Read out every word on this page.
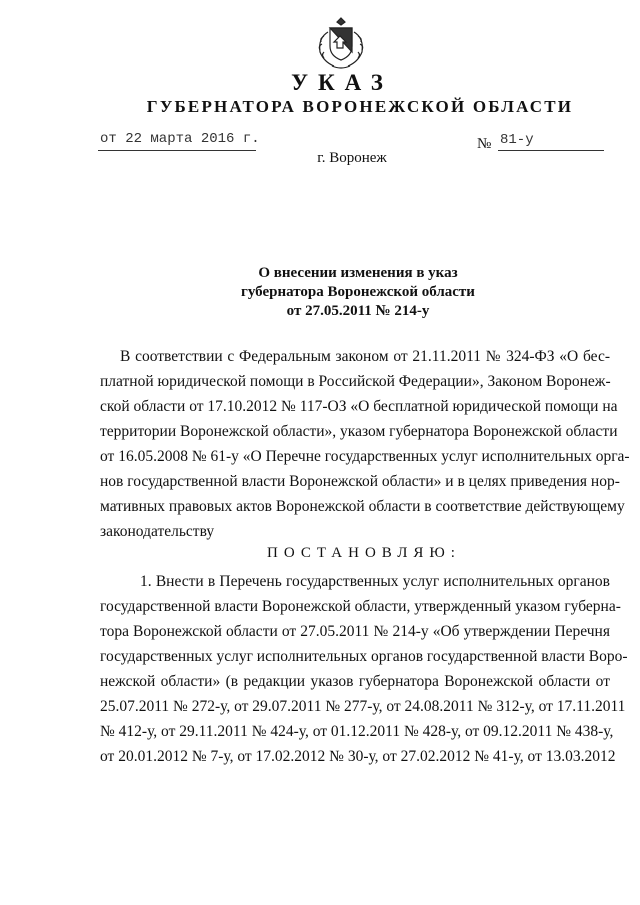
УКАЗ
ГУБЕРНАТОРА ВОРОНЕЖСКОЙ ОБЛАСТИ
от 22 марта 2016 г.	№ 81-у
г. Воронеж
О внесении изменения в указ
губернатора Воронежской области
от 27.05.2011 № 214-у
В соответствии с Федеральным законом от 21.11.2011 № 324-ФЗ «О бес-
платной юридической помощи в Российской Федерации», Законом Воронеж-
ской области от 17.10.2012 № 117-ОЗ «О бесплатной юридической помощи на
территории Воронежской области», указом губернатора Воронежской области
от 16.05.2008 № 61-у «О Перечне государственных услуг исполнительных орга-
нов государственной власти Воронежской области» и в целях приведения нор-
мативных правовых актов Воронежской области в соответствие действующему
законодательству
ПОСТАНОВЛЯЮ:
1. Внести в Перечень государственных услуг исполнительных органов
государственной власти Воронежской области, утвержденный указом губерна-
тора Воронежской области от 27.05.2011 № 214-у «Об утверждении Перечня
государственных услуг исполнительных органов государственной власти Воро-
нежской области» (в редакции указов губернатора Воронежской области от
25.07.2011 № 272-у, от 29.07.2011 № 277-у, от 24.08.2011 № 312-у, от 17.11.2011
№ 412-у, от 29.11.2011 № 424-у, от 01.12.2011 № 428-у, от 09.12.2011 № 438-у,
от 20.01.2012 № 7-у, от 17.02.2012 № 30-у, от 27.02.2012 № 41-у, от 13.03.2012
